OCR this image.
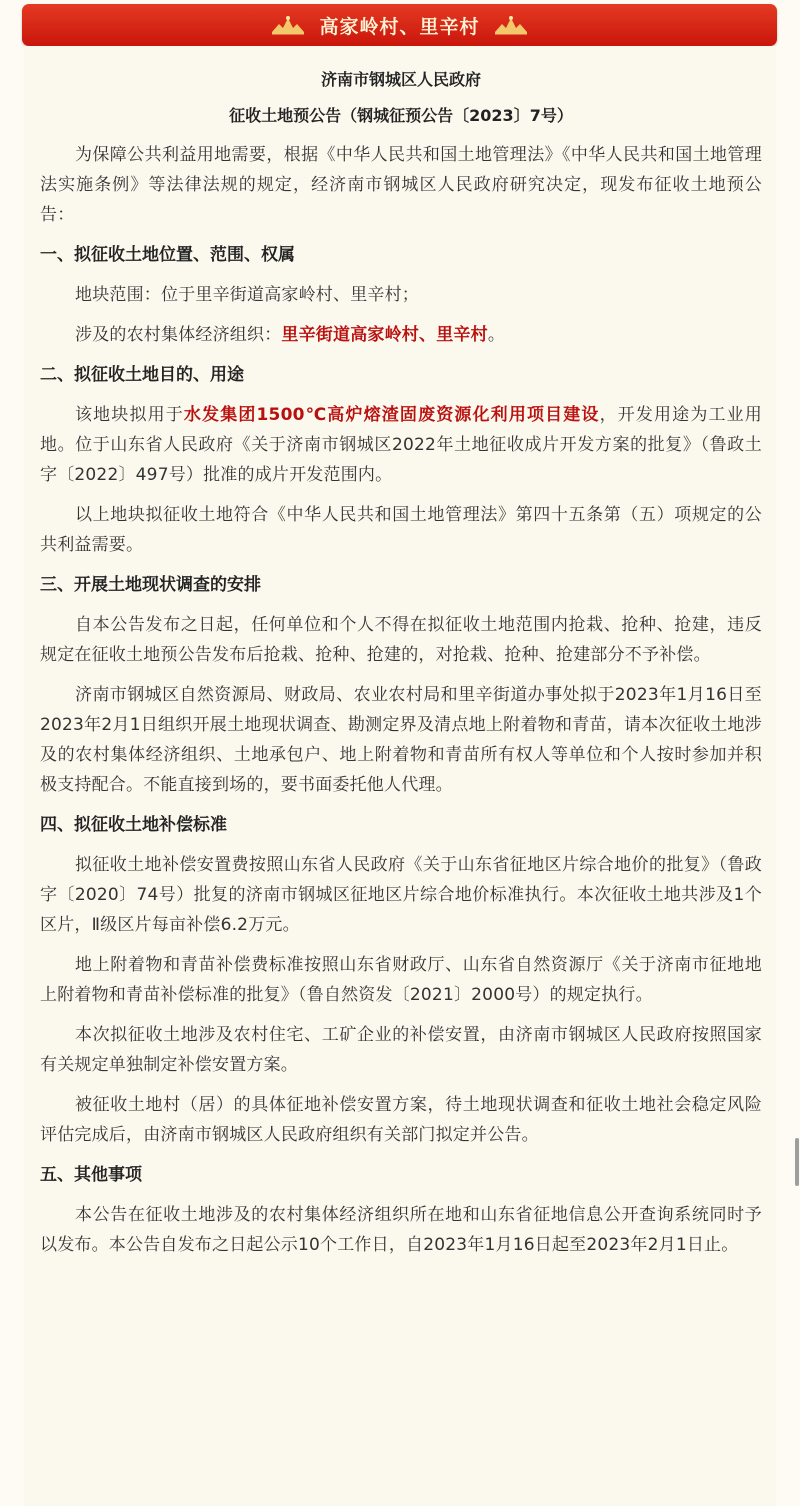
高家岭村、里辛村
济南市钢城区人民政府
征收土地预公告（钢城征预公告〔2023〕7号）

为保障公共利益用地需要，根据《中华人民共和国土地管理法》《中华人民共和国土地管理法实施条例》等法律法规的规定，经济南市钢城区人民政府研究决定，现发布征收土地预公告：

一、拟征收土地位置、范围、权属

地块范围：位于里辛街道高家岭村、里辛村；

涉及的农村集体经济组织：里辛街道高家岭村、里辛村。

二、拟征收土地目的、用途

该地块拟用于水发集团1500℃高炉熔渣固废资源化利用项目建设，开发用途为工业用地。位于山东省人民政府《关于济南市钢城区2022年土地征收成片开发方案的批复》（鲁政土字〔2022〕497号）批准的成片开发范围内。

以上地块拟征收土地符合《中华人民共和国土地管理法》第四十五条第（五）项规定的公共利益需要。

三、开展土地现状调查的安排

自本公告发布之日起，任何单位和个人不得在拟征收土地范围内抢栽、抢种、抢建，违反规定在征收土地预公告发布后抢栽、抢种、抢建的，对抢栽、抢种、抢建部分不予补偿。

济南市钢城区自然资源局、财政局、农业农村局和里辛街道办事处拟于2023年1月16日至2023年2月1日组织开展土地现状调查、勘测定界及清点地上附着物和青苗，请本次征收土地涉及的农村集体经济组织、土地承包户、地上附着物和青苗所有权人等单位和个人按时参加并积极支持配合。不能直接到场的，要书面委托他人代理。

四、拟征收土地补偿标准

拟征收土地补偿安置费按照山东省人民政府《关于山东省征地区片综合地价的批复》（鲁政字〔2020〕74号）批复的济南市钢城区征地区片综合地价标准执行。本次征收土地共涉及1个区片，Ⅱ级区片每亩补偿6.2万元。

地上附着物和青苗补偿费标准按照山东省财政厅、山东省自然资源厅《关于济南市征地地上附着物和青苗补偿标准的批复》（鲁自然资发〔2021〕2000号）的规定执行。

本次拟征收土地涉及农村住宅、工矿企业的补偿安置，由济南市钢城区人民政府按照国家有关规定单独制定补偿安置方案。

被征收土地村（居）的具体征地补偿安置方案，待土地现状调查和征收土地社会稳定风险评估完成后，由济南市钢城区人民政府组织有关部门拟定并公告。

五、其他事项

本公告在征收土地涉及的农村集体经济组织所在地和山东省征地信息公开查询系统同时予以发布。本公告自发布之日起公示10个工作日，自2023年1月16日起至2023年2月1日止。
